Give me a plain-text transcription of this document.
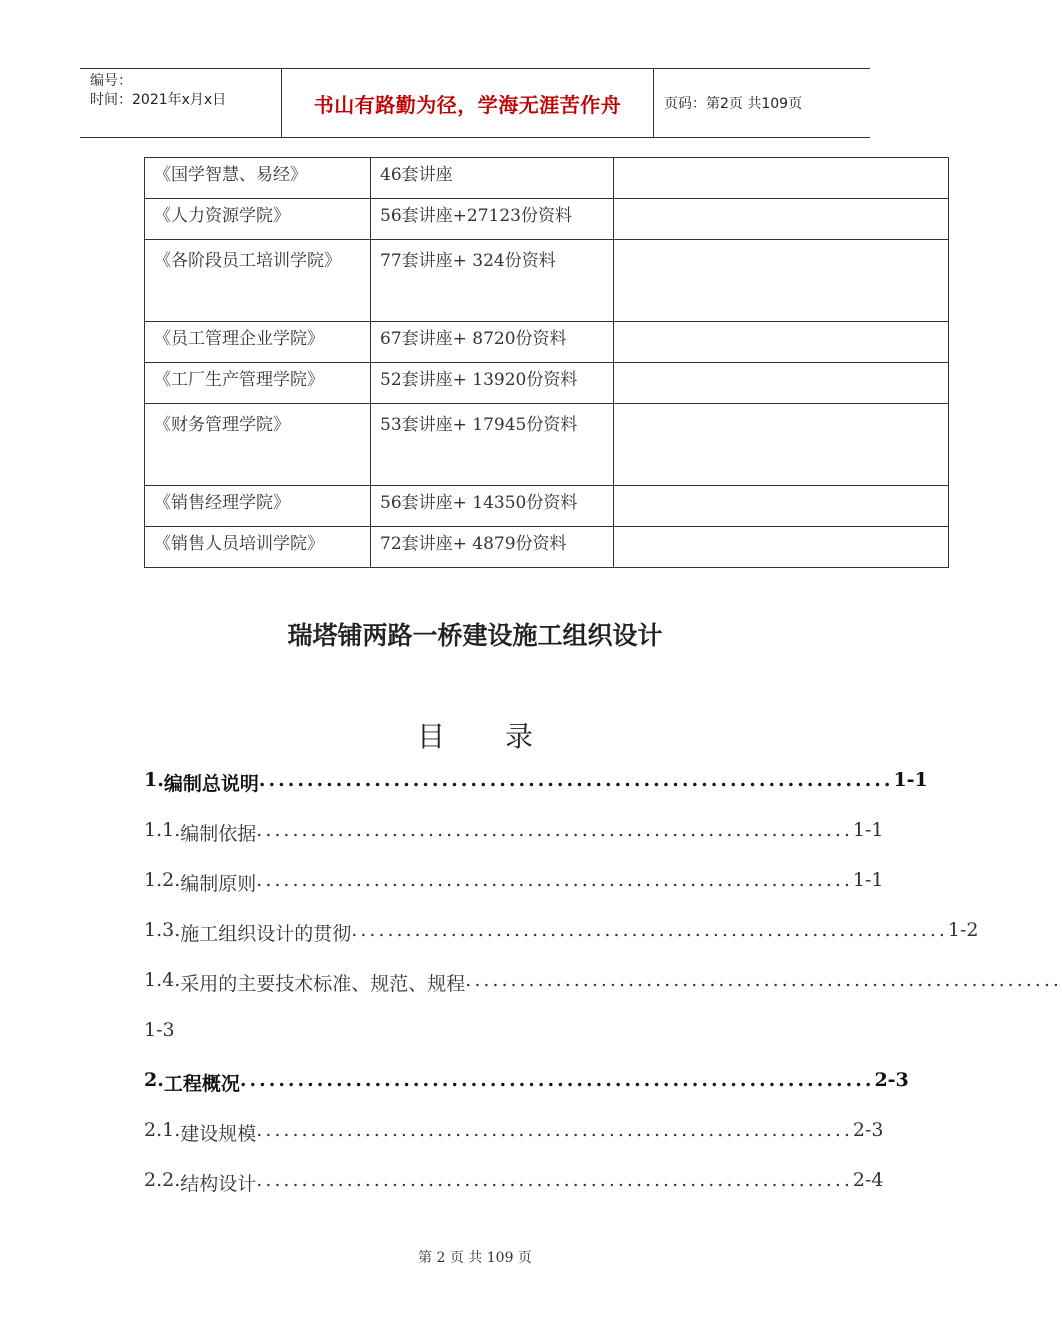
编号：
时间：2021年x月x日	书山有路勤为径，学海无涯苦作舟	页码：第2页 共109页
《国学智慧、易经》	46套讲座	
《人力资源学院》	56套讲座+27123份资料	
《各阶段员工培训学院》	77套讲座+ 324份资料	
《员工管理企业学院》	67套讲座+ 8720份资料	
《工厂生产管理学院》	52套讲座+ 13920份资料	
《财务管理学院》	53套讲座+ 17945份资料	
《销售经理学院》	56套讲座+ 14350份资料	
《销售人员培训学院》	72套讲座+ 4879份资料	
瑞塔铺两路一桥建设施工组织设计
目录
1. 编制总说明 .................................................................. 1-1
1.1. 编制依据 .................................................................. 1-1
1.2. 编制原则 .................................................................. 1-1
1.3. 施工组织设计的贯彻 .................................................................. 1-2
1.4. 采用的主要技术标准、规范、规程 ..................................................................
1-3
2. 工程概况 .................................................................. 2-3
2.1. 建设规模 .................................................................. 2-3
2.2. 结构设计 .................................................................. 2-4
第 2 页 共 109 页
